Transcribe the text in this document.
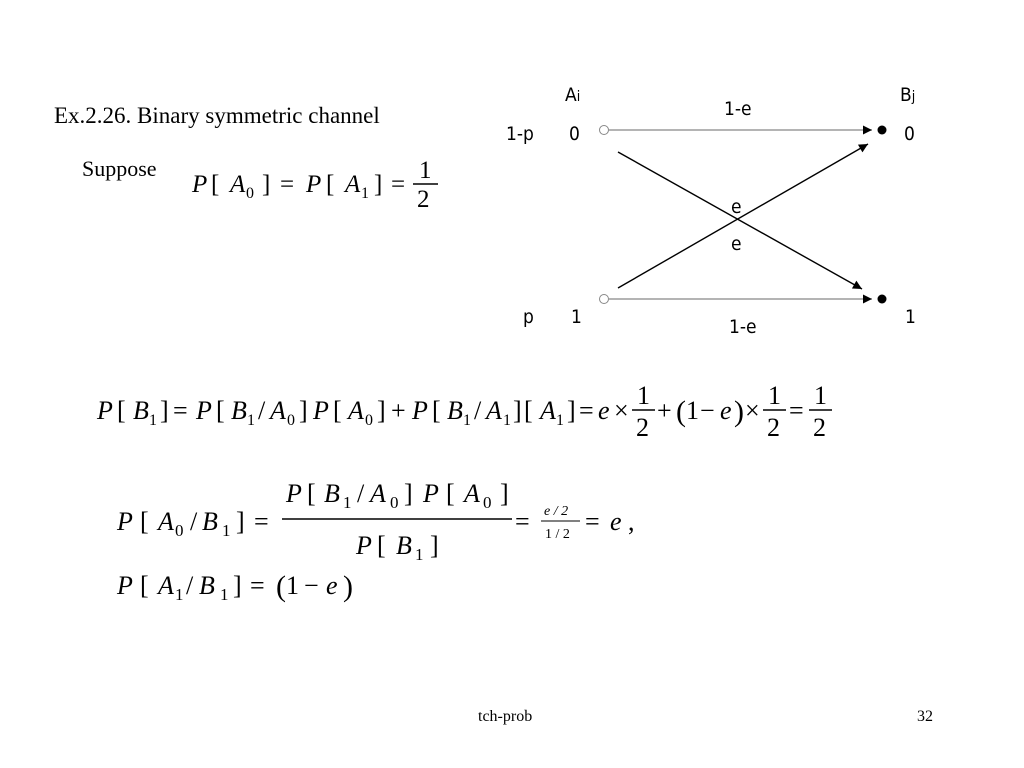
Ex.2.26. Binary symmetric channel
Suppose
P [ A 0 ] = P [ A 1 ] =
1
2
Ai	Bj
1-e
1-p 0	0
e
e
p 1	1
1-e
P [ B 1 ] = P [ B 1 / A 0 ] P [ A 0 ] + P [ B 1 / A 1 ] [ A 1 ] = e ×
1
2
+ ( 1 − e ) ×
1
2
=
1
2
P [ A 0 / B 1 ] =
P [ B 1 / A 0 ] P [ A 0 ]
P [ B 1 ]
= e / 2
1 / 2 = e ,
P [ A 1 / B 1 ] = ( 1 − e )
tch-prob	32
